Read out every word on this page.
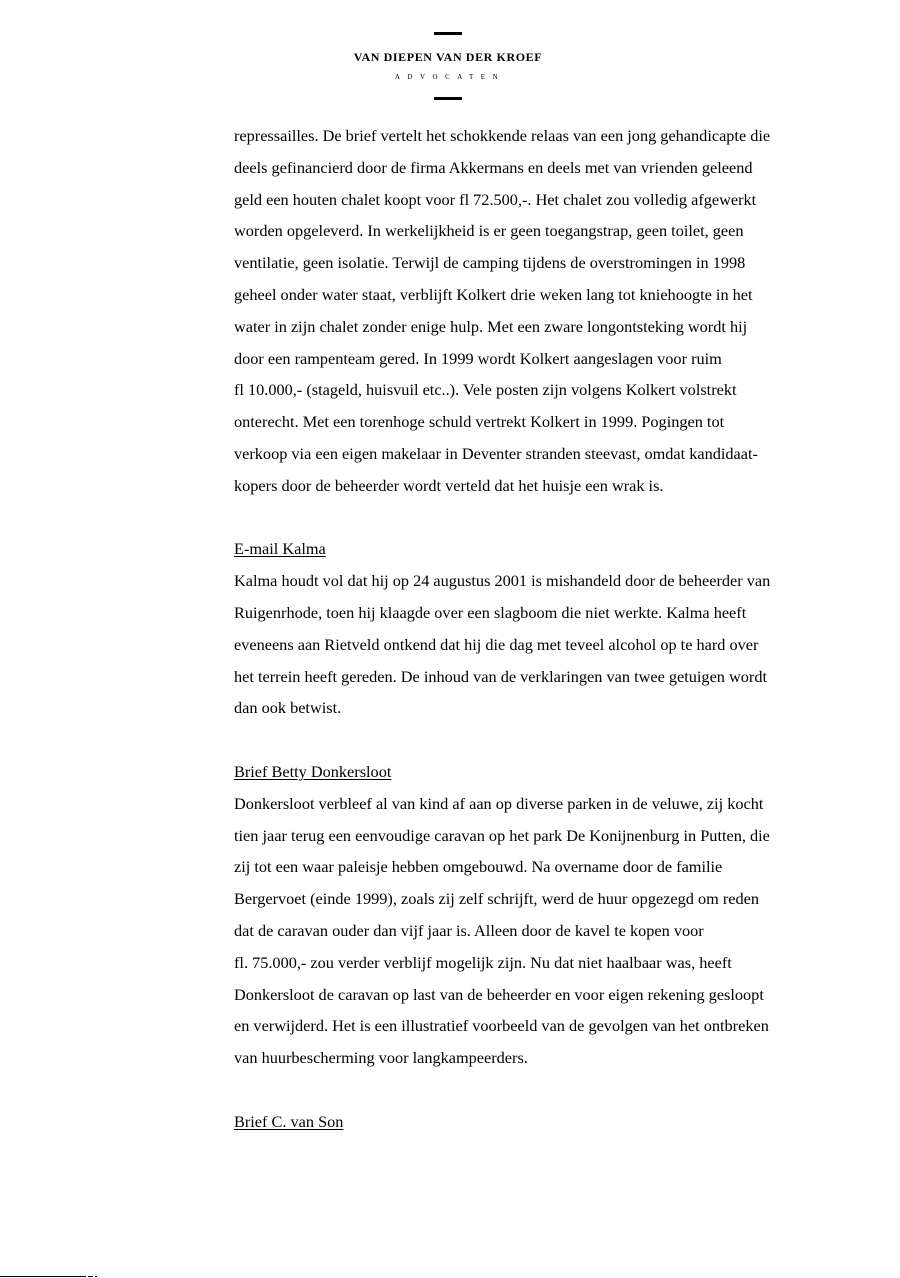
VAN DIEPEN VAN DER KROEF
ADVOCATEN

repressailles. De brief vertelt het schokkende relaas van een jong gehandicapte die

deels gefinancierd door de firma Akkermans en deels met van vrienden geleend

geld een houten chalet koopt voor fl 72.500,-. Het chalet zou volledig afgewerkt

worden opgeleverd. In werkelijkheid is er geen toegangstrap, geen toilet, geen

ventilatie, geen isolatie. Terwijl de camping tijdens de overstromingen in 1998

geheel onder water staat, verblijft Kolkert drie weken lang tot kniehoogte in het

water in zijn chalet zonder enige hulp. Met een zware longontsteking wordt hij

door een rampenteam gered. In 1999 wordt Kolkert aangeslagen voor ruim

fl 10.000,- (stageld, huisvuil etc..). Vele posten zijn volgens Kolkert volstrekt

onterecht. Met een torenhoge schuld vertrekt Kolkert in 1999. Pogingen tot

verkoop via een eigen makelaar in Deventer stranden steevast, omdat kandidaat-

kopers door de beheerder wordt verteld dat het huisje een wrak is.

E-mail Kalma

Kalma houdt vol dat hij op 24 augustus 2001 is mishandeld door de beheerder van

Ruigenrhode, toen hij klaagde over een slagboom die niet werkte. Kalma heeft

eveneens aan Rietveld ontkend dat hij die dag met teveel alcohol op te hard over

het terrein heeft gereden. De inhoud van de verklaringen van twee getuigen wordt

dan ook betwist.

Brief Betty Donkersloot

Donkersloot verbleef al van kind af aan op diverse parken in de veluwe, zij kocht

tien jaar terug een eenvoudige caravan op het park De Konijnenburg in Putten, die

zij tot een waar paleisje hebben omgebouwd. Na overname door de familie

Bergervoet (einde 1999), zoals zij zelf schrijft, werd de huur opgezegd om reden

dat de caravan ouder dan vijf jaar is. Alleen door de kavel te kopen voor

fl. 75.000,- zou verder verblijf mogelijk zijn. Nu dat niet haalbaar was, heeft

Donkersloot de caravan op last van de beheerder en voor eigen rekening gesloopt

en verwijderd. Het is een illustratief voorbeeld van de gevolgen van het ontbreken

van huurbescherming voor langkampeerders.

Brief C. van Son
